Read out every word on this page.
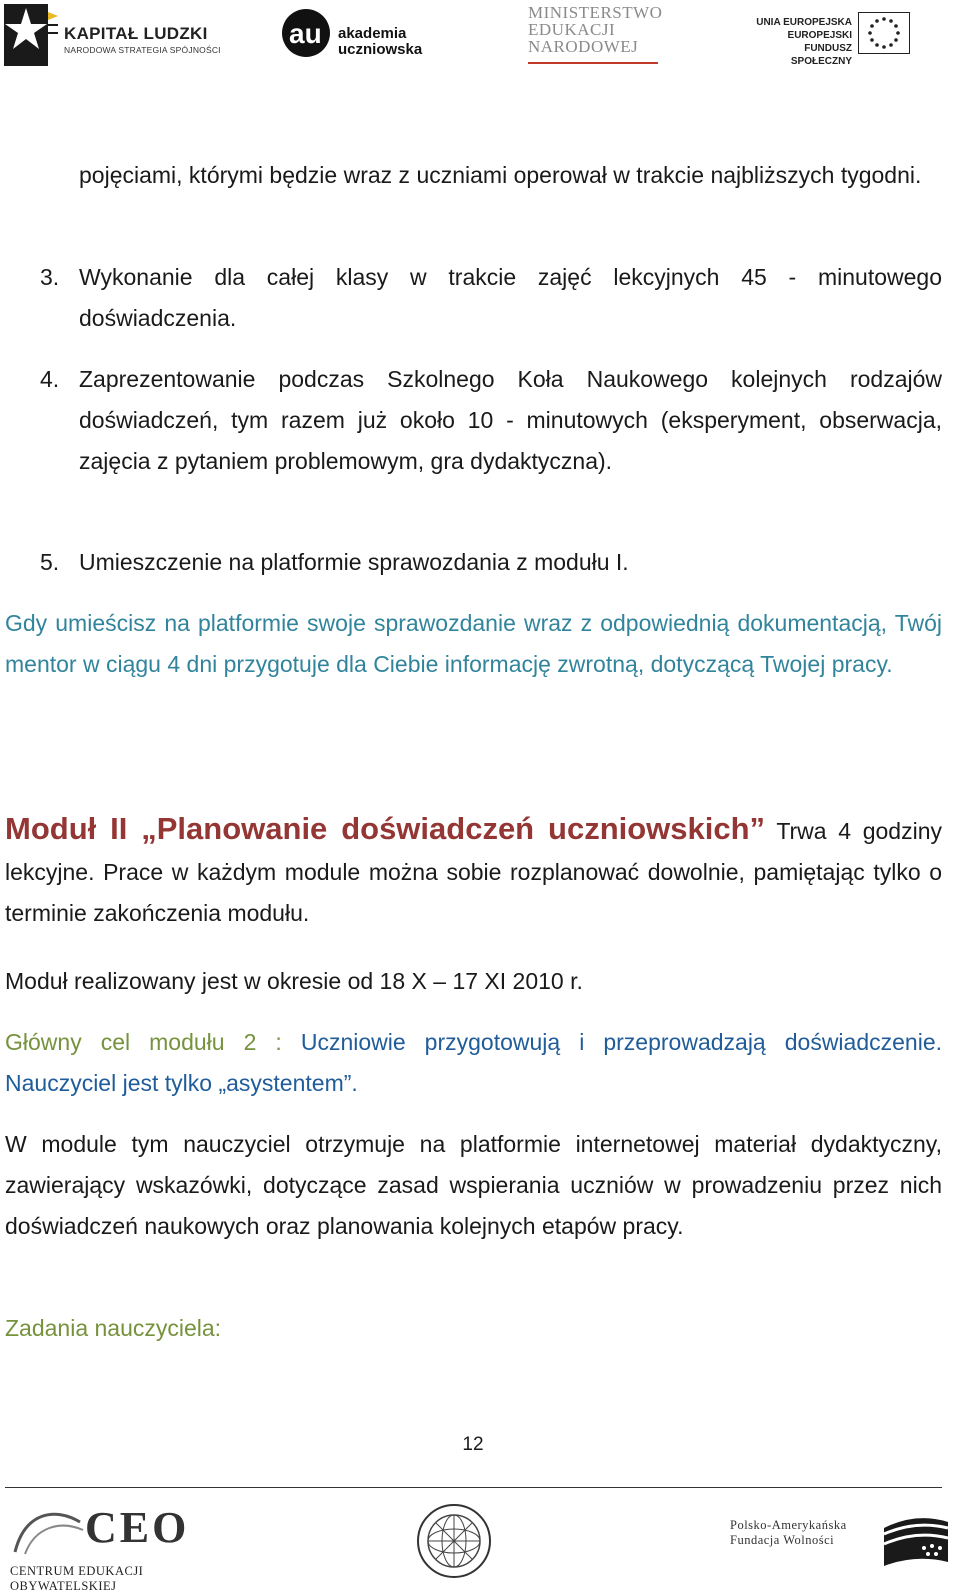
KAPITAŁ LUDZKI
NARODOWA STRATEGIA SPÓJNOŚCI
au akademia
uczniowska
MINISTERSTWO
EDUKACJI
NARODOWEJ
UNIA EUROPEJSKA
EUROPEJSKI
FUNDUSZ SPOŁECZNY

pojęciami, którymi będzie wraz z uczniami operował w trakcie najbliższych tygodni.

3. Wykonanie dla całej klasy w trakcie zajęć lekcyjnych 45 - minutowego doświadczenia.

4. Zaprezentowanie podczas Szkolnego Koła Naukowego kolejnych rodzajów doświadczeń, tym razem już około 10 - minutowych (eksperyment, obserwacja, zajęcia z pytaniem problemowym, gra dydaktyczna).

5. Umieszczenie na platformie sprawozdania z modułu I.

Gdy umieścisz na platformie swoje sprawozdanie wraz z odpowiednią dokumentacją, Twój mentor w ciągu 4 dni przygotuje dla Ciebie informację zwrotną, dotyczącą Twojej pracy.

Moduł II „Planowanie doświadczeń uczniowskich” Trwa 4 godziny lekcyjne. Prace w każdym module można sobie rozplanować dowolnie, pamiętając tylko o terminie zakończenia modułu.

Moduł realizowany jest w okresie od 18 X – 17 XI 2010 r.

Główny cel modułu 2 : Uczniowie przygotowują i przeprowadzają doświadczenie. Nauczyciel jest tylko „asystentem”.

W module tym nauczyciel otrzymuje na platformie internetowej materiał dydaktyczny, zawierający wskazówki, dotyczące zasad wspierania uczniów w prowadzeniu przez nich doświadczeń naukowych oraz planowania kolejnych etapów pracy.

Zadania nauczyciela:

12
CEO
CENTRUM EDUKACJI OBYWATELSKIEJ
Polsko-Amerykańska
Fundacja Wolności
